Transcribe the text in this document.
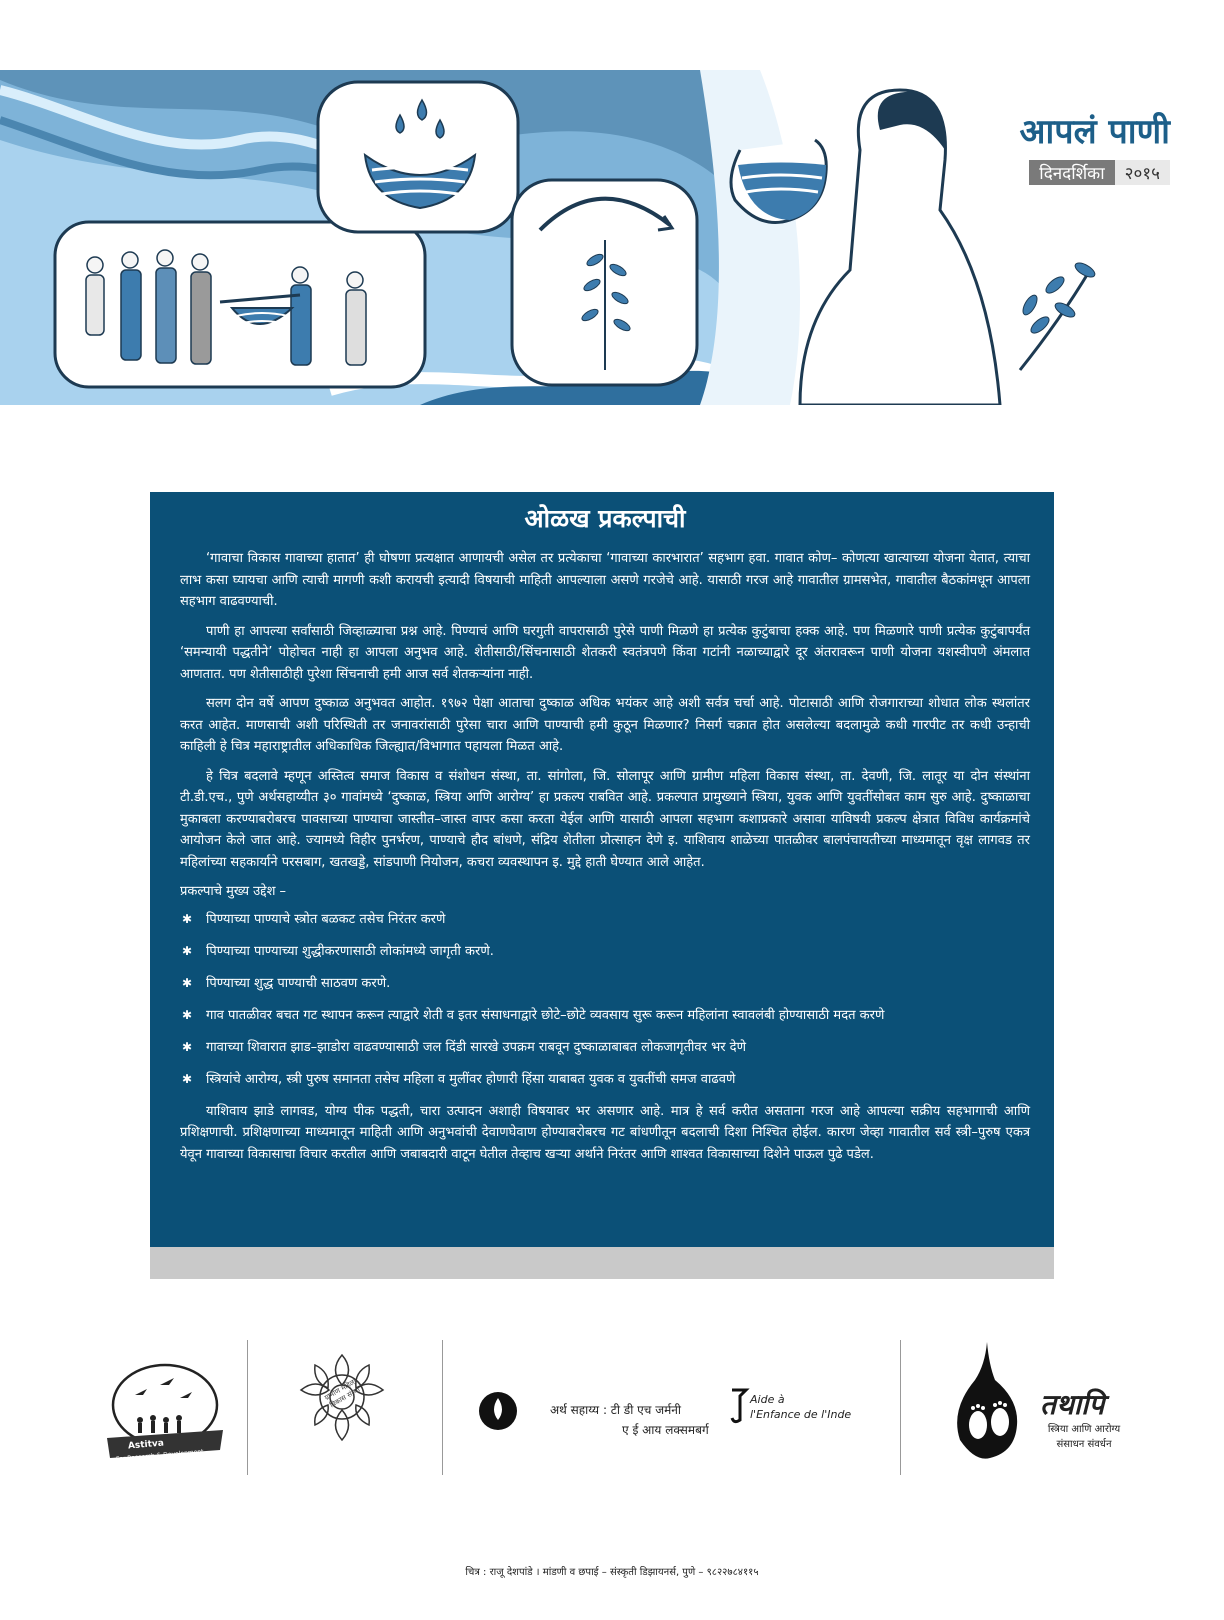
आपलं पाणी
दिनदर्शिका	२०१५
ओळख प्रकल्पाची

‘गावाचा विकास गावाच्या हातात’ ही घोषणा प्रत्यक्षात आणायची असेल तर प्रत्येकाचा ‘गावाच्या कारभारात’ सहभाग हवा. गावात कोण– कोणत्या खात्याच्या योजना येतात, त्याचा लाभ कसा घ्यायचा आणि त्याची मागणी कशी करायची इत्यादी विषयाची माहिती आपल्याला असणे गरजेचे आहे. यासाठी गरज आहे गावातील ग्रामसभेत, गावातील बैठकांमधून आपला सहभाग वाढवण्याची.

पाणी हा आपल्या सर्वांसाठी जिव्हाळ्याचा प्रश्न आहे. पिण्याचं आणि घरगुती वापरासाठी पुरेसे पाणी मिळणे हा प्रत्येक कुटुंबाचा हक्क आहे. पण मिळणारे पाणी प्रत्येक कुटुंबापर्यंत ‘समन्यायी पद्धतीने’ पोहोचत नाही हा आपला अनुभव आहे. शेतीसाठी/सिंचनासाठी शेतकरी स्वतंत्रपणे किंवा गटांनी नळाच्याद्वारे दूर अंतरावरून पाणी योजना यशस्वीपणे अंमलात आणतात. पण शेतीसाठीही पुरेशा सिंचनाची हमी आज सर्व शेतकऱ्यांना नाही.

सलग दोन वर्षे आपण दुष्काळ अनुभवत आहोत. १९७२ पेक्षा आताचा दुष्काळ अधिक भयंकर आहे अशी सर्वत्र चर्चा आहे. पोटासाठी आणि रोजगाराच्या शोधात लोक स्थलांतर करत आहेत. माणसाची अशी परिस्थिती तर जनावरांसाठी पुरेसा चारा आणि पाण्याची हमी कुठून मिळणार? निसर्ग चक्रात होत असलेल्या बदलामुळे कधी गारपीट तर कधी उन्हाची काहिली हे चित्र महाराष्ट्रातील अधिकाधिक जिल्ह्यात/विभागात पहायला मिळत आहे.

हे चित्र बदलावे म्हणून अस्तित्व समाज विकास व संशोधन संस्था, ता. सांगोला, जि. सोलापूर आणि ग्रामीण महिला विकास संस्था, ता. देवणी, जि. लातूर या दोन संस्थांना टी.डी.एच., पुणे अर्थसहाय्यीत ३० गावांमध्ये ‘दुष्काळ, स्त्रिया आणि आरोग्य’ हा प्रकल्प राबवित आहे. प्रकल्पात प्रामुख्याने स्त्रिया, युवक आणि युवतींसोबत काम सुरु आहे. दुष्काळाचा मुकाबला करण्याबरोबरच पावसाच्या पाण्याचा जास्तीत–जास्त वापर कसा करता येईल आणि यासाठी आपला सहभाग कशाप्रकारे असावा याविषयी प्रकल्प क्षेत्रात विविध कार्यक्रमांचे आयोजन केले जात आहे. ज्यामध्ये विहीर पुनर्भरण, पाण्याचे हौद बांधणे, संद्रिय शेतीला प्रोत्साहन देणे इ. याशिवाय शाळेच्या पातळीवर बालपंचायतीच्या माध्यमातून वृक्ष लागवड तर महिलांच्या सहकार्याने परसबाग, खतखड्डे, सांडपाणी नियोजन, कचरा व्यवस्थापन इ. मुद्दे हाती घेण्यात आले आहेत.

प्रकल्पाचे मुख्य उद्देश –
✱ पिण्याच्या पाण्याचे स्त्रोत बळकट तसेच निरंतर करणे
✱ पिण्याच्या पाण्याच्या शुद्धीकरणासाठी लोकांमध्ये जागृती करणे.
✱ पिण्याच्या शुद्ध पाण्याची साठवण करणे.
✱ गाव पातळीवर बचत गट स्थापन करून त्याद्वारे शेती व इतर संसाधनाद्वारे छोटे–छोटे व्यवसाय सुरू करून महिलांना स्वावलंबी होण्यासाठी मदत करणे
✱ गावाच्या शिवारात झाड–झाडोरा वाढवण्यासाठी जल दिंडी सारखे उपक्रम राबवून दुष्काळाबाबत लोकजागृतीवर भर देणे
✱ स्त्रियांचे आरोग्य, स्त्री पुरुष समानता तसेच महिला व मुलींवर होणारी हिंसा याबाबत युवक व युवतींची समज वाढवणे

याशिवाय झाडे लागवड, योग्य पीक पद्धती, चारा उत्पादन अशाही विषयावर भर असणार आहे. मात्र हे सर्व करीत असताना गरज आहे आपल्या सक्रीय सहभागाची आणि प्रशिक्षणाची. प्रशिक्षणाच्या माध्यमातून माहिती आणि अनुभवांची देवाणघेवाण होण्याबरोबरच गट बांधणीतून बदलाची दिशा निश्चित होईल. कारण जेव्हा गावातील सर्व स्त्री–पुरुष एकत्र येवून गावाच्या विकासाचा विचार करतील आणि जबाबदारी वाटून घेतील तेव्हाच खऱ्या अर्थाने निरंतर आणि शाश्वत विकासाच्या दिशेने पाऊल पुढे पडेल.

Astitva
For Research & Development
ग्रामीण महिला विकास संस्था
अर्थ सहाय्य : टी डी एच जर्मनी
ए ई आय लक्समबर्ग
Aide à
l'Enfance de l'Inde	तथापि
स्त्रिया आणि आरोग्य
संसाधन संवर्धन
चित्र : राजू देशपांडे । मांडणी व छपाई – संस्कृती डिझायनर्स, पुणे – ९८२२७८४११५
